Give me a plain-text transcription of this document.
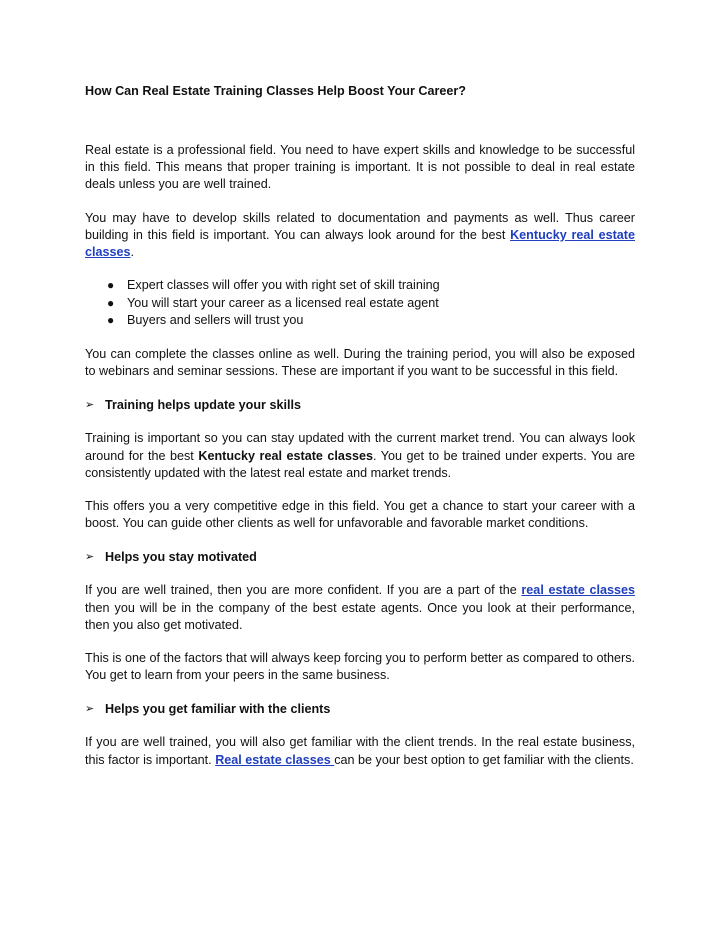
How Can Real Estate Training Classes Help Boost Your Career?

Real estate is a professional field. You need to have expert skills and knowledge to be successful in this field. This means that proper training is important. It is not possible to deal in real estate deals unless you are well trained.

You may have to develop skills related to documentation and payments as well. Thus career building in this field is important. You can always look around for the best Kentucky real estate classes.

● Expert classes will offer you with right set of skill training
● You will start your career as a licensed real estate agent
● Buyers and sellers will trust you

You can complete the classes online as well. During the training period, you will also be exposed to webinars and seminar sessions. These are important if you want to be successful in this field.

➢ Training helps update your skills

Training is important so you can stay updated with the current market trend. You can always look around for the best Kentucky real estate classes. You get to be trained under experts. You are consistently updated with the latest real estate and market trends.

This offers you a very competitive edge in this field. You get a chance to start your career with a boost. You can guide other clients as well for unfavorable and favorable market conditions.

➢ Helps you stay motivated

If you are well trained, then you are more confident. If you are a part of the real estate classes then you will be in the company of the best estate agents. Once you look at their performance, then you also get motivated.

This is one of the factors that will always keep forcing you to perform better as compared to others. You get to learn from your peers in the same business.

➢ Helps you get familiar with the clients

If you are well trained, you will also get familiar with the client trends. In the real estate business, this factor is important. Real estate classes can be your best option to get familiar with the clients.
